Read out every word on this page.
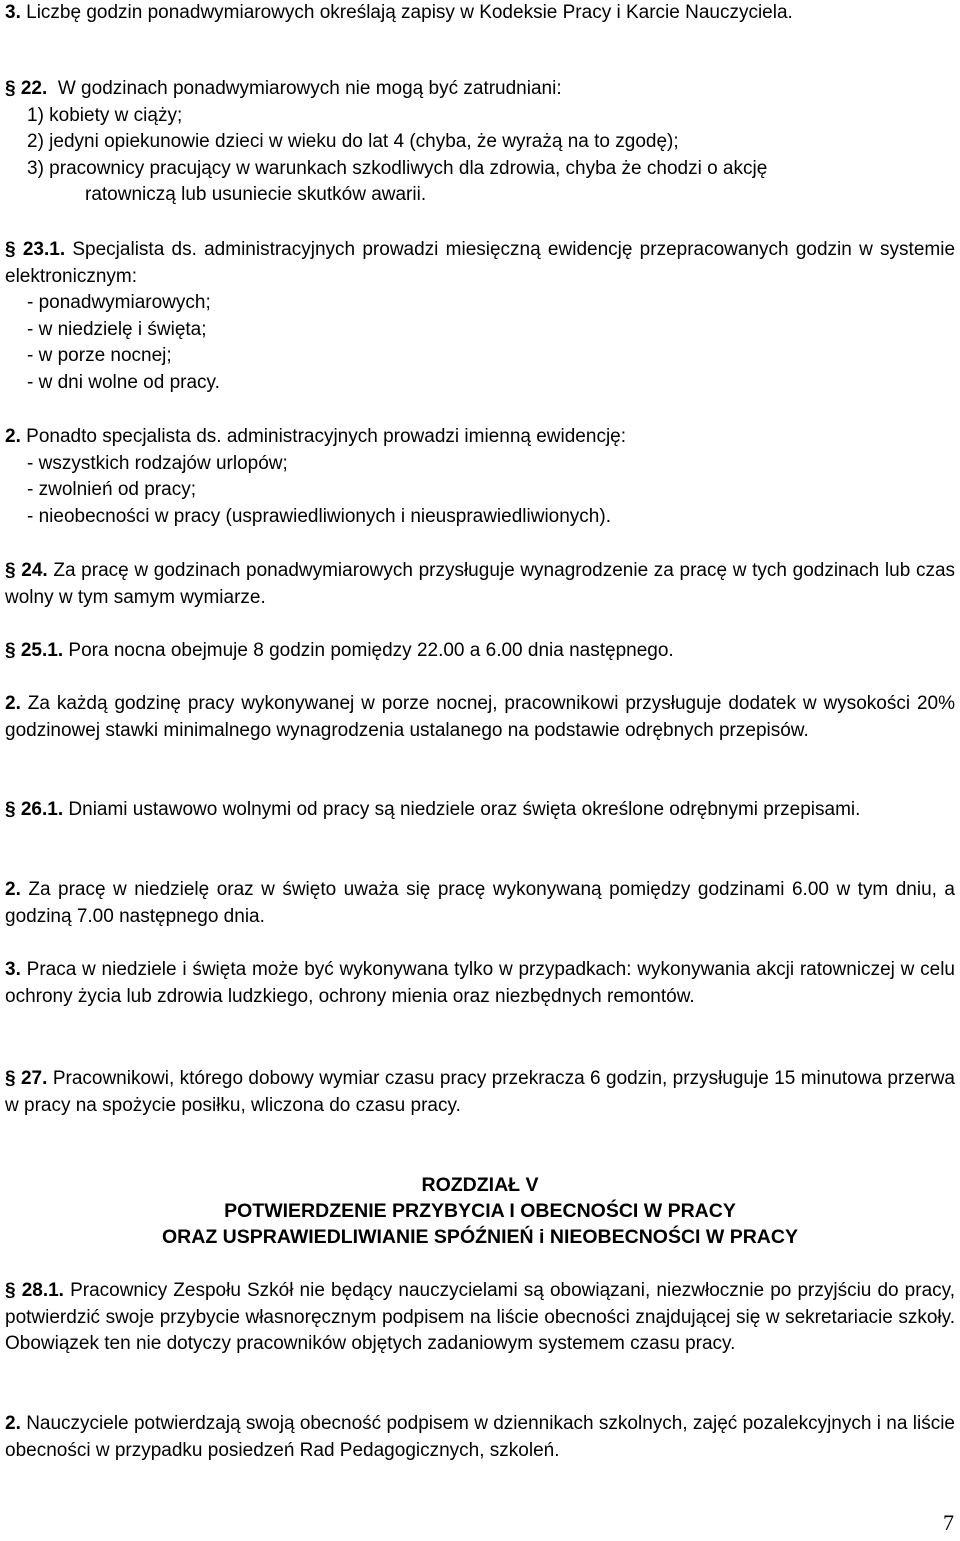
3. Liczbę godzin ponadwymiarowych określają zapisy w Kodeksie Pracy i Karcie Nauczyciela.

§ 22. W godzinach ponadwymiarowych nie mogą być zatrudniani:
1) kobiety w ciąży;
2) jedyni opiekunowie dzieci w wieku do lat 4 (chyba, że wyrażą na to zgodę);
3) pracownicy pracujący w warunkach szkodliwych dla zdrowia, chyba że chodzi o akcję
ratowniczą lub usuniecie skutków awarii.
§ 23.1. Specjalista ds. administracyjnych prowadzi miesięczną ewidencję przepracowanych godzin w systemie elektronicznym:
- ponadwymiarowych;
- w niedzielę i święta;
- w porze nocnej;
- w dni wolne od pracy.
2. Ponadto specjalista ds. administracyjnych prowadzi imienną ewidencję:
- wszystkich rodzajów urlopów;
- zwolnień od pracy;
- nieobecności w pracy (usprawiedliwionych i nieusprawiedliwionych).

§ 24. Za pracę w godzinach ponadwymiarowych przysługuje wynagrodzenie za pracę w tych godzinach lub czas wolny w tym samym wymiarze.

§ 25.1. Pora nocna obejmuje 8 godzin pomiędzy 22.00 a 6.00 dnia następnego.

2. Za każdą godzinę pracy wykonywanej w porze nocnej, pracownikowi przysługuje dodatek w wysokości 20% godzinowej stawki minimalnego wynagrodzenia ustalanego na podstawie odrębnych przepisów.

§ 26.1. Dniami ustawowo wolnymi od pracy są niedziele oraz święta określone odrębnymi przepisami.

2. Za pracę w niedzielę oraz w święto uważa się pracę wykonywaną pomiędzy godzinami 6.00 w tym dniu, a godziną 7.00 następnego dnia.

3. Praca w niedziele i święta może być wykonywana tylko w przypadkach: wykonywania akcji ratowniczej w celu ochrony życia lub zdrowia ludzkiego, ochrony mienia oraz niezbędnych remontów.

§ 27. Pracownikowi, którego dobowy wymiar czasu pracy przekracza 6 godzin, przysługuje 15 minutowa przerwa w pracy na spożycie posiłku, wliczona do czasu pracy.

§ 28.1. Pracownicy Zespołu Szkół nie będący nauczycielami są obowiązani, niezwłocznie po przyjściu do pracy, potwierdzić swoje przybycie własnoręcznym podpisem na liście obecności znajdującej się w sekretariacie szkoły. Obowiązek ten nie dotyczy pracowników objętych zadaniowym systemem czasu pracy.

2. Nauczyciele potwierdzają swoją obecność podpisem w dziennikach szkolnych, zajęć pozalekcyjnych i na liście obecności w przypadku posiedzeń Rad Pedagogicznych, szkoleń.

ROZDZIAŁ V
POTWIERDZENIE PRZYBYCIA I OBECNOŚCI W PRACY
ORAZ USPRAWIEDLIWIANIE SPÓŹNIEŃ i NIEOBECNOŚCI W PRACY
7
